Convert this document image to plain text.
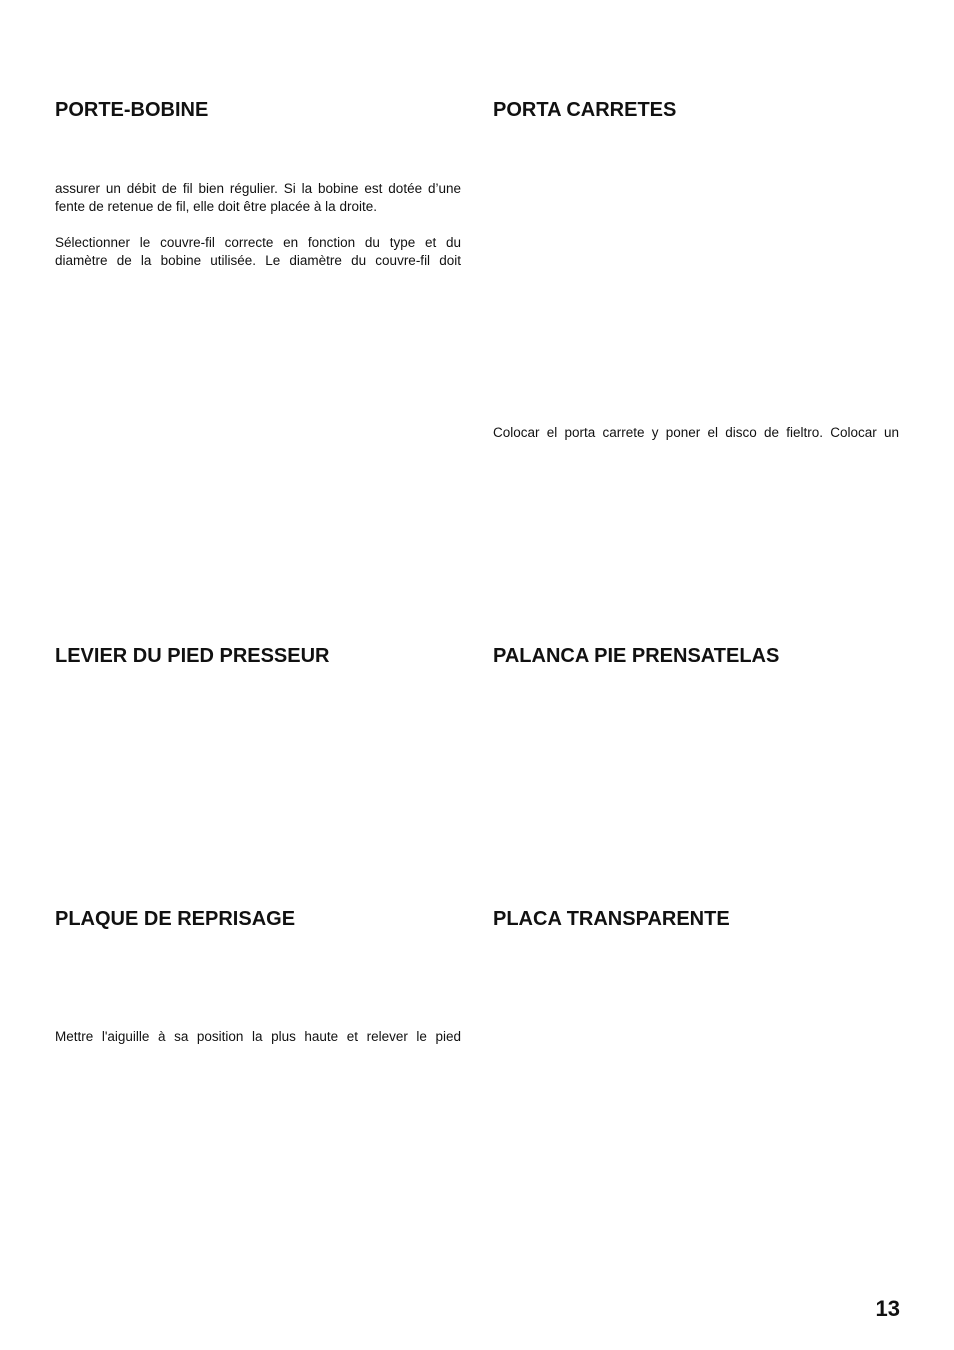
PORTE-BOBINE

assurer un débit de fil bien régulier. Si la bobine est dotée d’une

fente de retenue de fil, elle doit être placée à la droite.

Sélectionner le couvre-fil correcte en fonction du type et du

diamètre de la bobine utilisée. Le diamètre du couvre-fil doit

LEVIER DU PIED PRESSEUR
PLAQUE DE REPRISAGE

Mettre l'aiguille à sa position la plus haute et relever le pied

PORTA CARRETES

Colocar el porta carrete y poner el disco de fieltro. Colocar un

PALANCA PIE PRENSATELAS
PLACA TRANSPARENTE
13
